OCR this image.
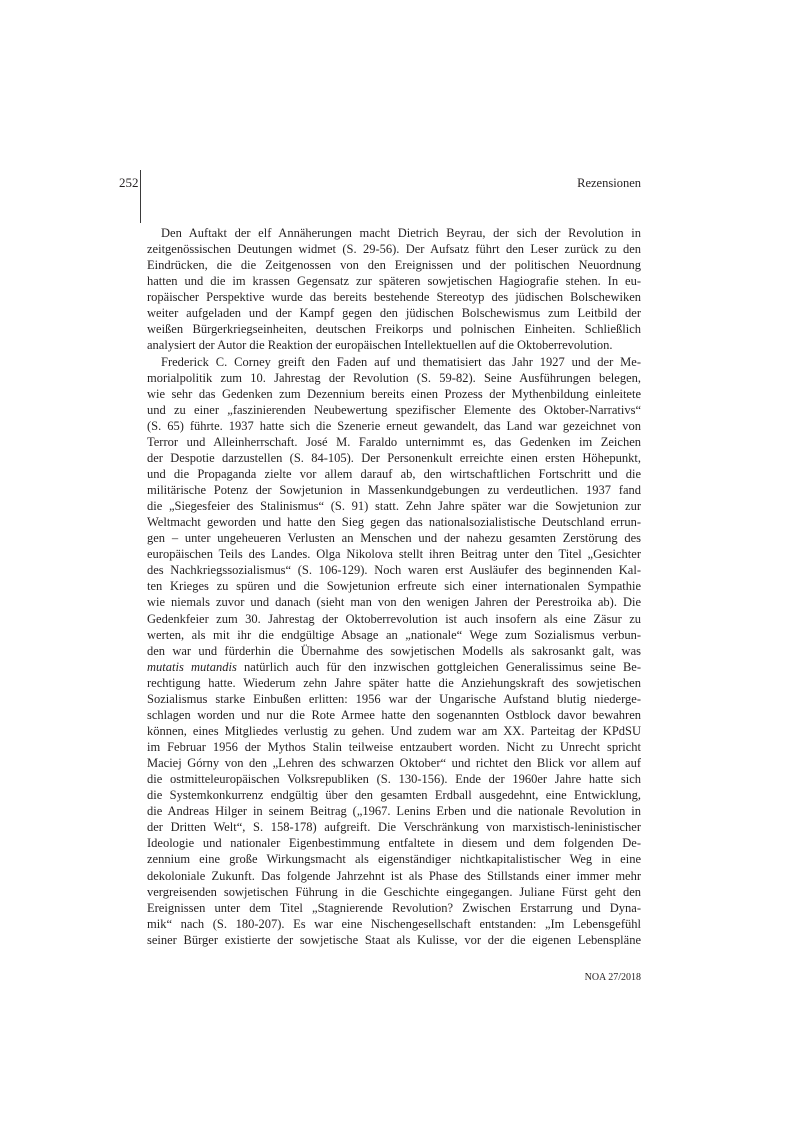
252	Rezensionen
Den Auftakt der elf Annäherungen macht Dietrich Beyrau, der sich der Revolution in
zeitgenössischen Deutungen widmet (S. 29-56). Der Aufsatz führt den Leser zurück zu den
Eindrücken, die die Zeitgenossen von den Ereignissen und der politischen Neuordnung
hatten und die im krassen Gegensatz zur späteren sowjetischen Hagiografie stehen. In eu-
ropäischer Perspektive wurde das bereits bestehende Stereotyp des jüdischen Bolschewiken
weiter aufgeladen und der Kampf gegen den jüdischen Bolschewismus zum Leitbild der
weißen Bürgerkriegseinheiten, deutschen Freikorps und polnischen Einheiten. Schließlich
analysiert der Autor die Reaktion der europäischen Intellektuellen auf die Oktoberrevolution.
Frederick C. Corney greift den Faden auf und thematisiert das Jahr 1927 und der Me-
morialpolitik zum 10. Jahrestag der Revolution (S. 59-82). Seine Ausführungen belegen,
wie sehr das Gedenken zum Dezennium bereits einen Prozess der Mythenbildung einleitete
und zu einer „faszinierenden Neubewertung spezifischer Elemente des Oktober-Narrativs“
(S. 65) führte. 1937 hatte sich die Szenerie erneut gewandelt, das Land war gezeichnet von
Terror und Alleinherrschaft. José M. Faraldo unternimmt es, das Gedenken im Zeichen
der Despotie darzustellen (S. 84-105). Der Personenkult erreichte einen ersten Höhepunkt,
und die Propaganda zielte vor allem darauf ab, den wirtschaftlichen Fortschritt und die
militärische Potenz der Sowjetunion in Massenkundgebungen zu verdeutlichen. 1937 fand
die „Siegesfeier des Stalinismus“ (S. 91) statt. Zehn Jahre später war die Sowjetunion zur
Weltmacht geworden und hatte den Sieg gegen das nationalsozialistische Deutschland errun-
gen – unter ungeheueren Verlusten an Menschen und der nahezu gesamten Zerstörung des
europäischen Teils des Landes. Olga Nikolova stellt ihren Beitrag unter den Titel „Gesichter
des Nachkriegssozialismus“ (S. 106-129). Noch waren erst Ausläufer des beginnenden Kal-
ten Krieges zu spüren und die Sowjetunion erfreute sich einer internationalen Sympathie
wie niemals zuvor und danach (sieht man von den wenigen Jahren der Perestroika ab). Die
Gedenkfeier zum 30. Jahrestag der Oktoberrevolution ist auch insofern als eine Zäsur zu
werten, als mit ihr die endgültige Absage an „nationale“ Wege zum Sozialismus verbun-
den war und fürderhin die Übernahme des sowjetischen Modells als sakrosankt galt, was
mutatis mutandis natürlich auch für den inzwischen gottgleichen Generalissimus seine Be-
rechtigung hatte. Wiederum zehn Jahre später hatte die Anziehungskraft des sowjetischen
Sozialismus starke Einbußen erlitten: 1956 war der Ungarische Aufstand blutig niederge-
schlagen worden und nur die Rote Armee hatte den sogenannten Ostblock davor bewahren
können, eines Mitgliedes verlustig zu gehen. Und zudem war am XX. Parteitag der KPdSU
im Februar 1956 der Mythos Stalin teilweise entzaubert worden. Nicht zu Unrecht spricht
Maciej Górny von den „Lehren des schwarzen Oktober“ und richtet den Blick vor allem auf
die ostmitteleuropäischen Volksrepubliken (S. 130-156). Ende der 1960er Jahre hatte sich
die Systemkonkurrenz endgültig über den gesamten Erdball ausgedehnt, eine Entwicklung,
die Andreas Hilger in seinem Beitrag („1967. Lenins Erben und die nationale Revolution in
der Dritten Welt“, S. 158-178) aufgreift. Die Verschränkung von marxistisch-leninistischer
Ideologie und nationaler Eigenbestimmung entfaltete in diesem und dem folgenden De-
zennium eine große Wirkungsmacht als eigenständiger nichtkapitalistischer Weg in eine
dekoloniale Zukunft. Das folgende Jahrzehnt ist als Phase des Stillstands einer immer mehr
vergreisenden sowjetischen Führung in die Geschichte eingegangen. Juliane Fürst geht den
Ereignissen unter dem Titel „Stagnierende Revolution? Zwischen Erstarrung und Dyna-
mik“ nach (S. 180-207). Es war eine Nischengesellschaft entstanden: „Im Lebensgefühl
seiner Bürger existierte der sowjetische Staat als Kulisse, vor der die eigenen Lebenspläne
NOA 27/2018
